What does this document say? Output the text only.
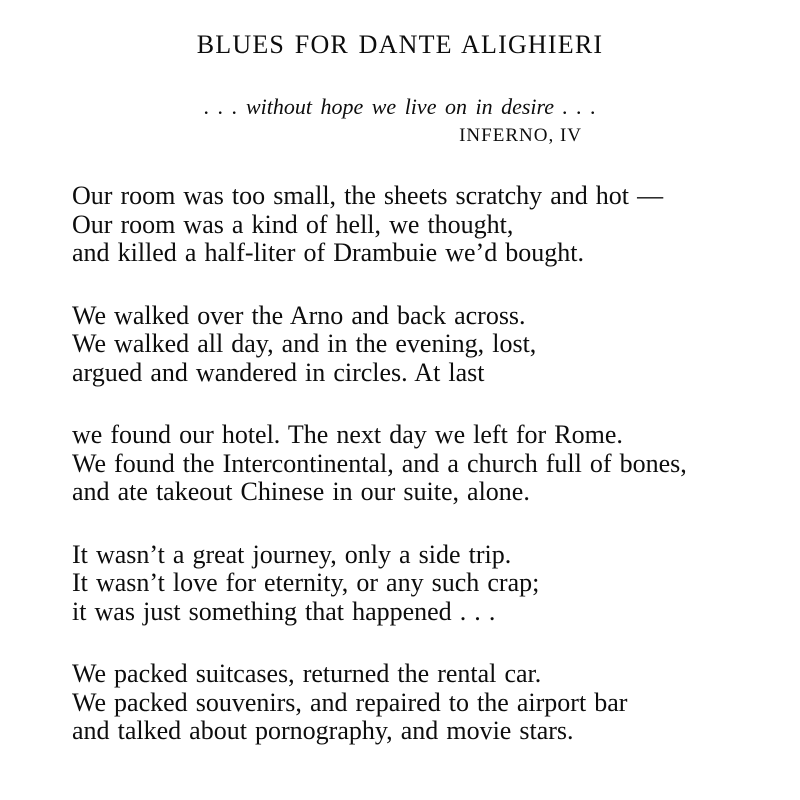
BLUES FOR DANTE ALIGHIERI
. . . without hope we live on in desire . . .
INFERNO, IV
Our room was too small, the sheets scratchy and hot —
Our room was a kind of hell, we thought,
and killed a half-liter of Drambuie we’d bought.
We walked over the Arno and back across.
We walked all day, and in the evening, lost,
argued and wandered in circles. At last
we found our hotel. The next day we left for Rome.
We found the Intercontinental, and a church full of bones,
and ate takeout Chinese in our suite, alone.
It wasn’t a great journey, only a side trip.
It wasn’t love for eternity, or any such crap;
it was just something that happened . . .
We packed suitcases, returned the rental car.
We packed souvenirs, and repaired to the airport bar
and talked about pornography, and movie stars.
